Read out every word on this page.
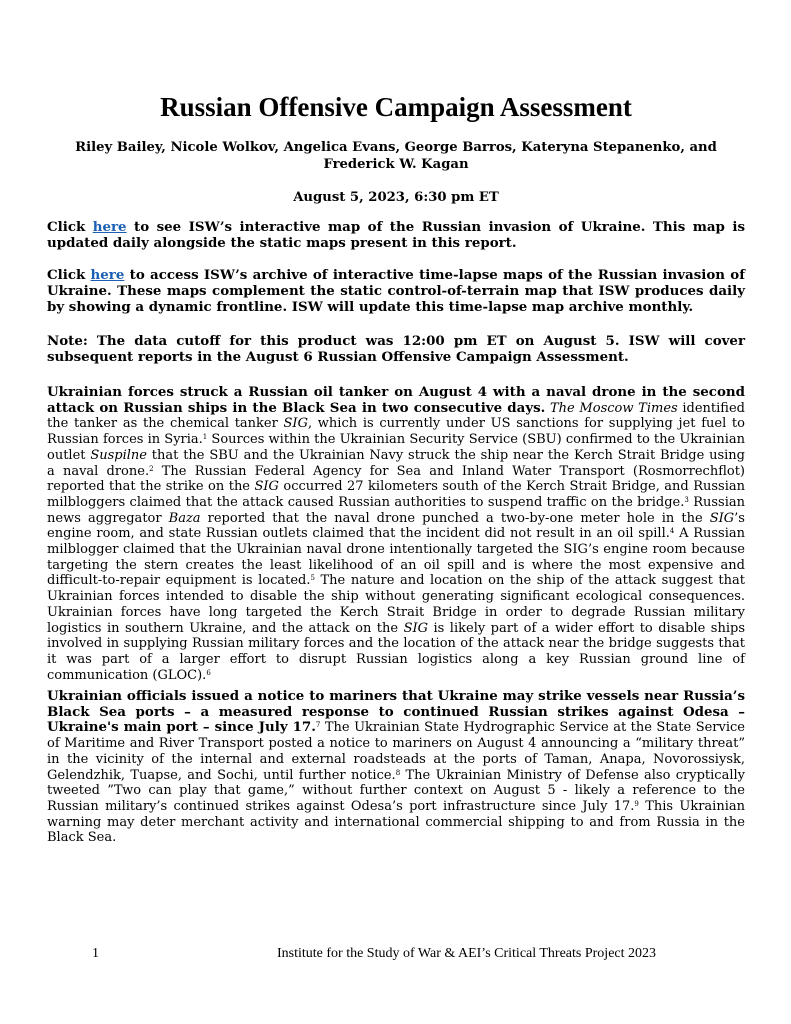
Russian Offensive Campaign Assessment
Riley Bailey, Nicole Wolkov, Angelica Evans, George Barros, Kateryna Stepanenko, and Frederick W. Kagan
August 5, 2023, 6:30 pm ET

Click here to see ISW’s interactive map of the Russian invasion of Ukraine. This map is updated daily alongside the static maps present in this report.

Click here to access ISW’s archive of interactive time-lapse maps of the Russian invasion of Ukraine. These maps complement the static control-of-terrain map that ISW produces daily by showing a dynamic frontline. ISW will update this time-lapse map archive monthly.

Note: The data cutoff for this product was 12:00 pm ET on August 5. ISW will cover subsequent reports in the August 6 Russian Offensive Campaign Assessment.

Ukrainian forces struck a Russian oil tanker on August 4 with a naval drone in the second attack on Russian ships in the Black Sea in two consecutive days. The Moscow Times identified the tanker as the chemical tanker SIG, which is currently under US sanctions for supplying jet fuel to Russian forces in Syria.$^1$ Sources within the Ukrainian Security Service (SBU) confirmed to the Ukrainian outlet Suspilne that the SBU and the Ukrainian Navy struck the ship near the Kerch Strait Bridge using a naval drone.$^2$ The Russian Federal Agency for Sea and Inland Water Transport (Rosmorrechflot) reported that the strike on the SIG occurred 27 kilometers south of the Kerch Strait Bridge, and Russian milbloggers claimed that the attack caused Russian authorities to suspend traffic on the bridge.$^3$ Russian news aggregator Baza reported that the naval drone punched a two-by-one meter hole in the SIG’s engine room, and state Russian outlets claimed that the incident did not result in an oil spill.$^4$ A Russian milblogger claimed that the Ukrainian naval drone intentionally targeted the SIG’s engine room because targeting the stern creates the least likelihood of an oil spill and is where the most expensive and difficult-to-repair equipment is located.$^5$ The nature and location on the ship of the attack suggest that Ukrainian forces intended to disable the ship without generating significant ecological consequences. Ukrainian forces have long targeted the Kerch Strait Bridge in order to degrade Russian military logistics in southern Ukraine, and the attack on the SIG is likely part of a wider effort to disable ships involved in supplying Russian military forces and the location of the attack near the bridge suggests that it was part of a larger effort to disrupt Russian logistics along a key Russian ground line of communication (GLOC).$^6$

Ukrainian officials issued a notice to mariners that Ukraine may strike vessels near Russia’s Black Sea ports – a measured response to continued Russian strikes against Odesa – Ukraine's main port – since July 17.$^7$ The Ukrainian State Hydrographic Service at the State Service of Maritime and River Transport posted a notice to mariners on August 4 announcing a “military threat” in the vicinity of the internal and external roadsteads at the ports of Taman, Anapa, Novorossiysk, Gelendzhik, Tuapse, and Sochi, until further notice.$^8$ The Ukrainian Ministry of Defense also cryptically tweeted ”Two can play that game,” without further context on August 5 - likely a reference to the Russian military’s continued strikes against Odesa’s port infrastructure since July 17.$^9$ This Ukrainian warning may deter merchant activity and international commercial shipping to and from Russia in the Black Sea.

1	Institute for the Study of War & AEI’s Critical Threats Project 2023
